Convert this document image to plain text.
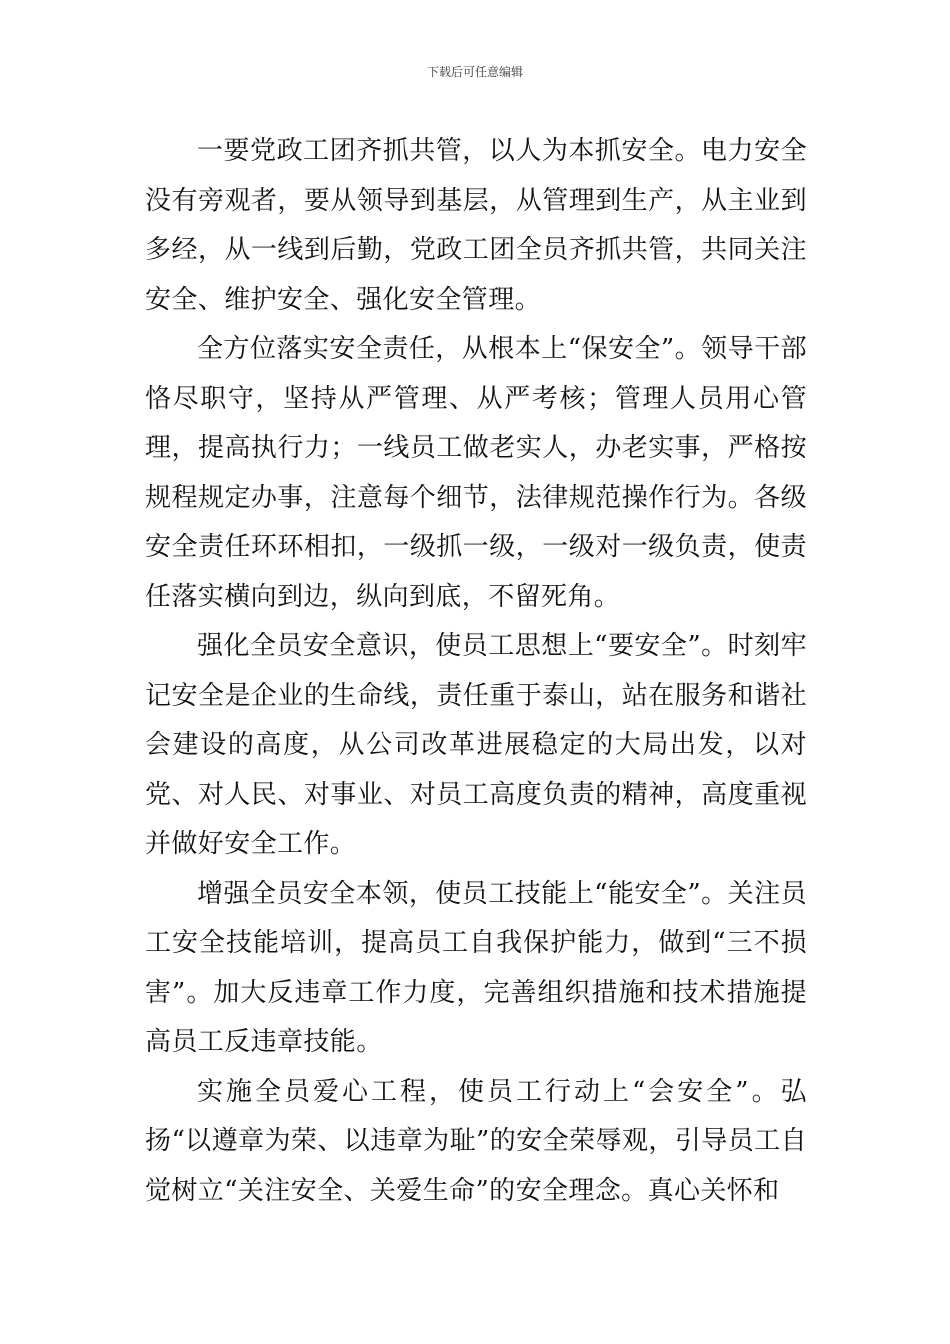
下载后可任意编辑

一要党政工团齐抓共管，以人为本抓安全。电力安全没有旁观者，要从领导到基层，从管理到生产，从主业到多经，从一线到后勤，党政工团全员齐抓共管，共同关注安全、维护安全、强化安全管理。

全方位落实安全责任，从根本上“保安全”。领导干部恪尽职守，坚持从严管理、从严考核；管理人员用心管理，提高执行力；一线员工做老实人，办老实事，严格按规程规定办事，注意每个细节，法律规范操作行为。各级安全责任环环相扣，一级抓一级，一级对一级负责，使责任落实横向到边，纵向到底，不留死角。

强化全员安全意识，使员工思想上“要安全”。时刻牢记安全是企业的生命线，责任重于泰山，站在服务和谐社会建设的高度，从公司改革进展稳定的大局出发，以对党、对人民、对事业、对员工高度负责的精神，高度重视并做好安全工作。

增强全员安全本领，使员工技能上“能安全”。关注员工安全技能培训，提高员工自我保护能力，做到“三不损害”。加大反违章工作力度，完善组织措施和技术措施提高员工反违章技能。

实施全员爱心工程，使员工行动上“会安全”。弘扬“以遵章为荣、以违章为耻”的安全荣辱观，引导员工自觉树立“关注安全、关爱生命”的安全理念。真心关怀和
